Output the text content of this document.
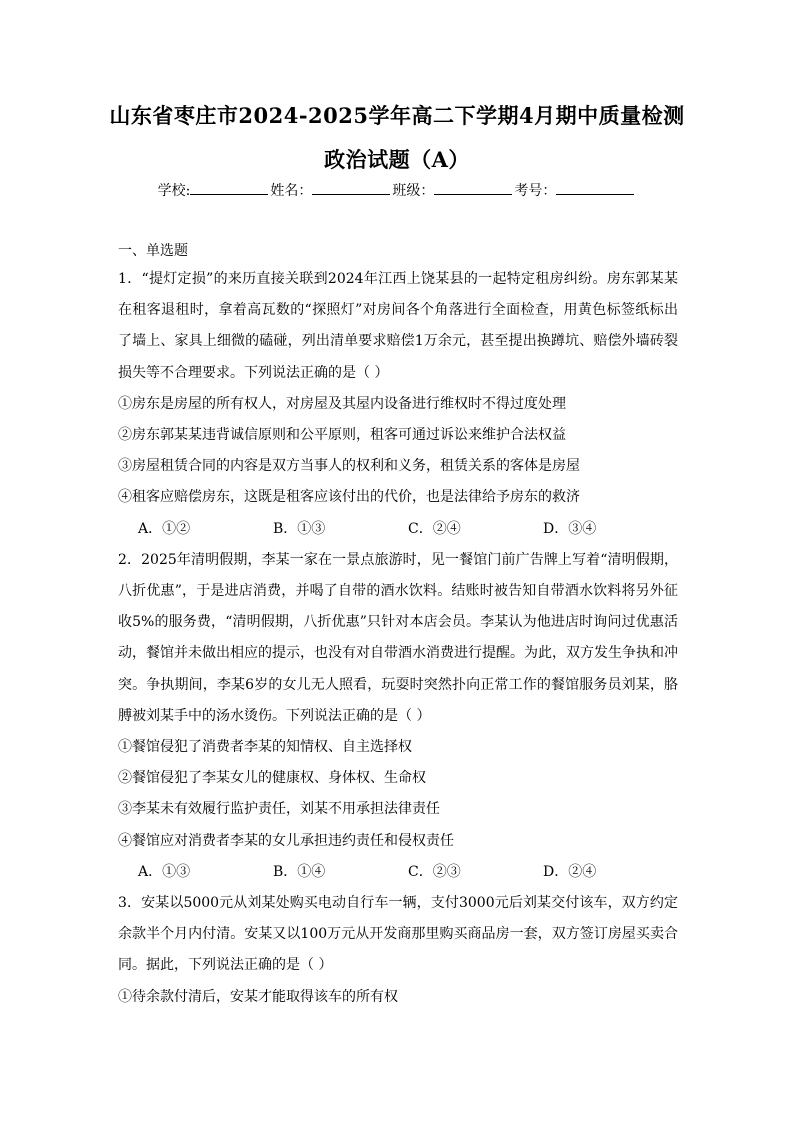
山东省枣庄市2024-2025学年高二下学期4月期中质量检测
政治试题（A）
学校:	姓名：	班级：	考号：
一、单选题
1．“提灯定损”的来历直接关联到2024年江西上饶某县的一起特定租房纠纷。房东郭某某在租客退租时，拿着高瓦数的“探照灯”对房间各个角落进行全面检查，用黄色标签纸标出了墙上、家具上细微的磕碰，列出清单要求赔偿1万余元，甚至提出换蹲坑、赔偿外墙砖裂损失等不合理要求。下列说法正确的是（ ）
①房东是房屋的所有权人，对房屋及其屋内设备进行维权时不得过度处理
②房东郭某某违背诚信原则和公平原则，租客可通过诉讼来维护合法权益
③房屋租赁合同的内容是双方当事人的权利和义务，租赁关系的客体是房屋
④租客应赔偿房东，这既是租客应该付出的代价，也是法律给予房东的救济
A．①②	B．①③	C．②④	D．③④
2．2025年清明假期，李某一家在一景点旅游时，见一餐馆门前广告牌上写着“清明假期，八折优惠”，于是进店消费，并喝了自带的酒水饮料。结账时被告知自带酒水饮料将另外征收5%的服务费，“清明假期，八折优惠”只针对本店会员。李某认为他进店时询问过优惠活动，餐馆并未做出相应的提示，也没有对自带酒水消费进行提醒。为此，双方发生争执和冲突。争执期间，李某6岁的女儿无人照看，玩耍时突然扑向正常工作的餐馆服务员刘某，胳膊被刘某手中的汤水烫伤。下列说法正确的是（ ）
①餐馆侵犯了消费者李某的知情权、自主选择权
②餐馆侵犯了李某女儿的健康权、身体权、生命权
③李某未有效履行监护责任，刘某不用承担法律责任
④餐馆应对消费者李某的女儿承担违约责任和侵权责任
A．①③	B．①④	C．②③	D．②④
3．安某以5000元从刘某处购买电动自行车一辆，支付3000元后刘某交付该车，双方约定余款半个月内付清。安某又以100万元从开发商那里购买商品房一套，双方签订房屋买卖合同。据此，下列说法正确的是（ ）
①待余款付清后，安某才能取得该车的所有权
